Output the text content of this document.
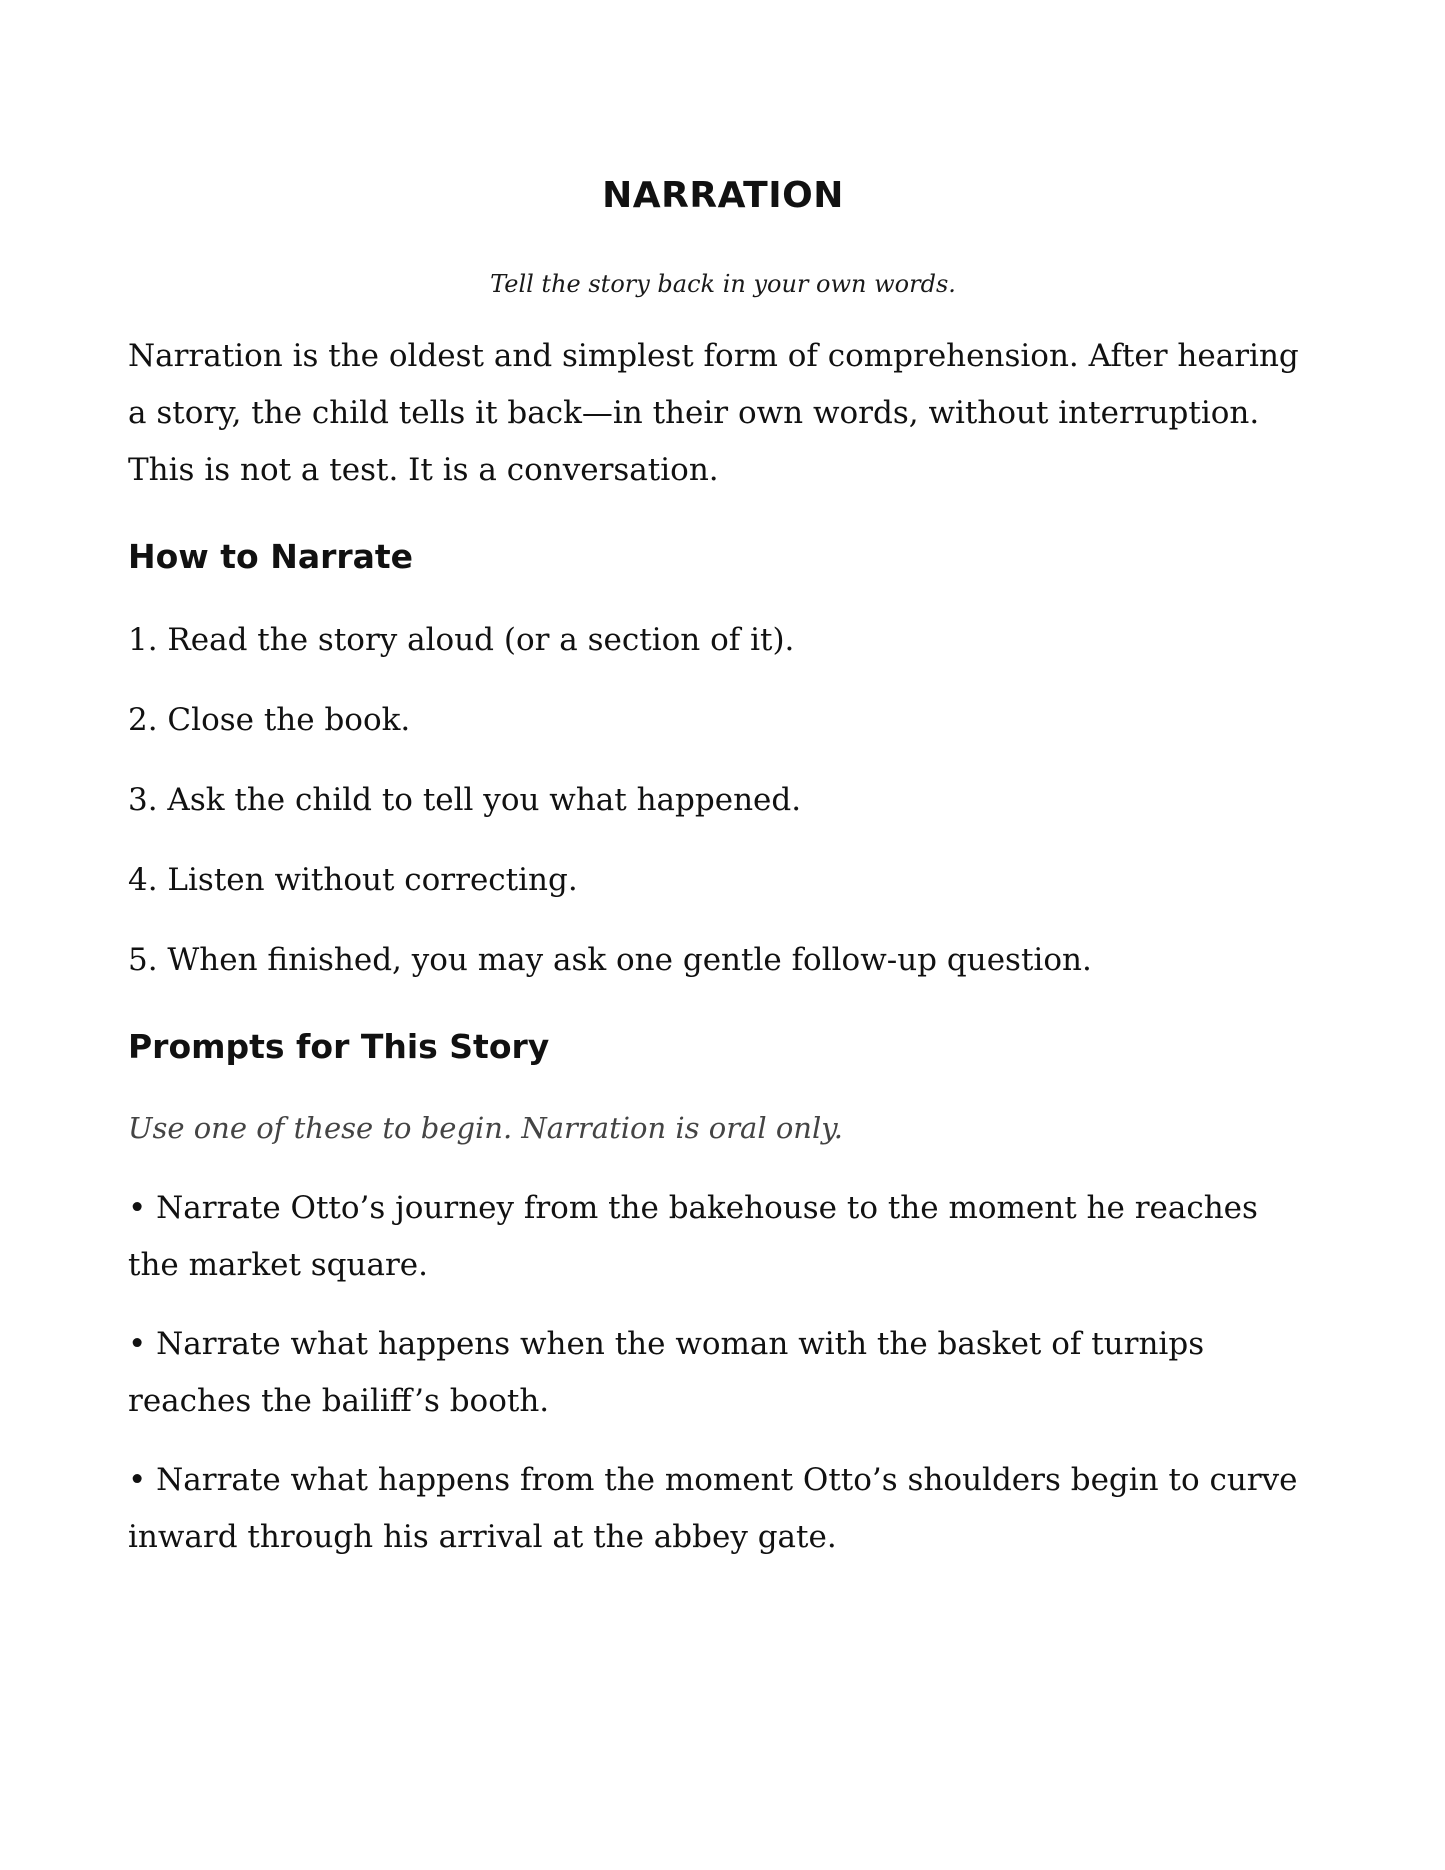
NARRATION

Tell the story back in your own words.

Narration is the oldest and simplest form of comprehension. After hearing a story, the child tells it back—in their own words, without interruption. This is not a test. It is a conversation.

How to Narrate
1. Read the story aloud (or a section of it).
2. Close the book.
3. Ask the child to tell you what happened.
4. Listen without correcting.
5. When finished, you may ask one gentle follow-up question.
Prompts for This Story

Use one of these to begin. Narration is oral only.

• Narrate Otto’s journey from the bakehouse to the moment he reaches the market square.
• Narrate what happens when the woman with the basket of turnips reaches the bailiff’s booth.
• Narrate what happens from the moment Otto’s shoulders begin to curve inward through his arrival at the abbey gate.
